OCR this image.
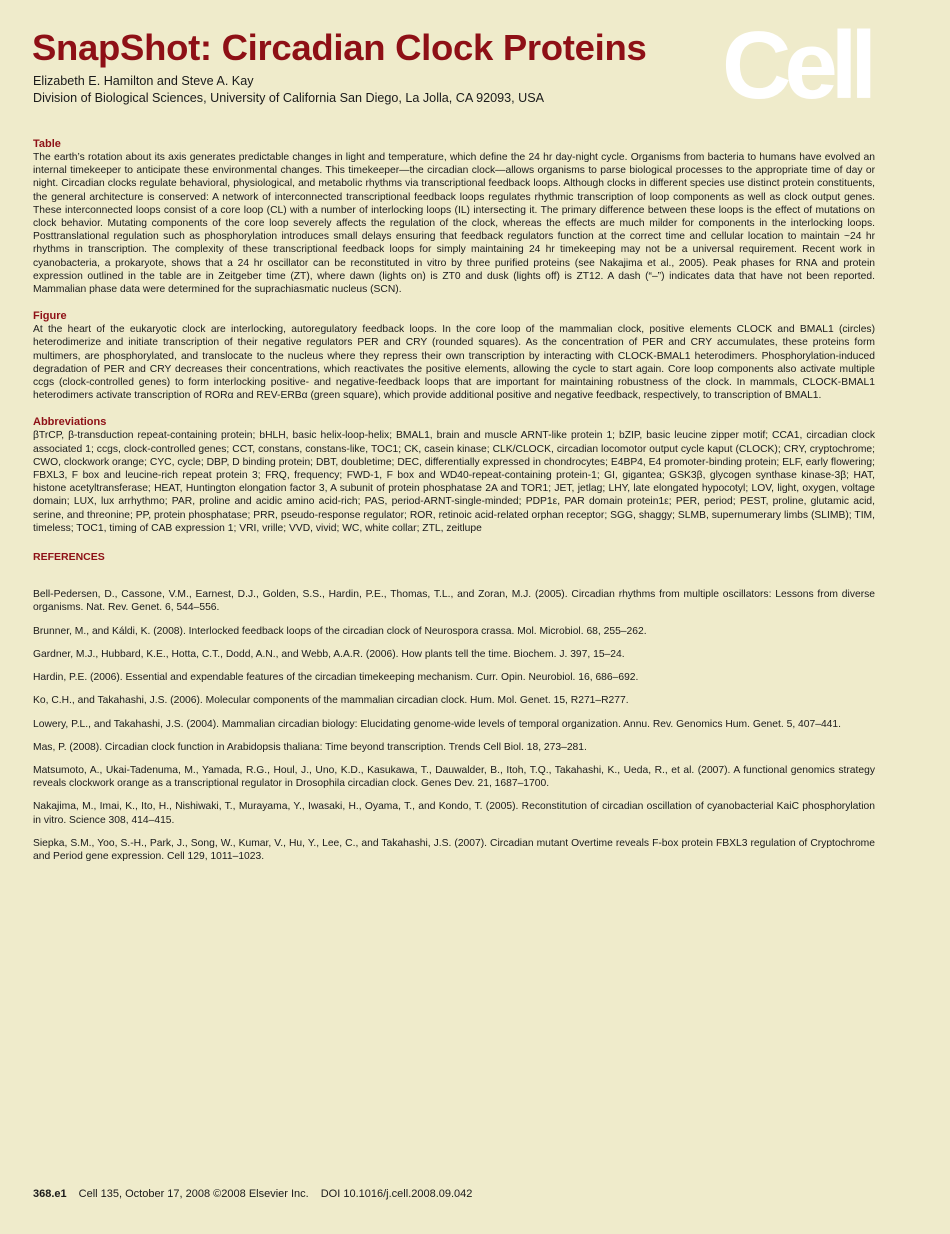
SnapShot: Circadian Clock Proteins Cell
Elizabeth E. Hamilton and Steve A. Kay
Division of Biological Sciences, University of California San Diego, La Jolla, CA 92093, USA

Table

The earth’s rotation about its axis generates predictable changes in light and temperature, which define the 24 hr day-night cycle. Organisms from bacteria to humans have evolved an internal timekeeper to anticipate these environmental changes. This timekeeper—the circadian clock—allows organisms to parse biological processes to the appropriate time of day or night. Circadian clocks regulate behavioral, physiological, and metabolic rhythms via transcriptional feedback loops. Although clocks in different species use distinct protein constituents, the general architecture is conserved: A network of interconnected transcriptional feedback loops regulates rhythmic transcription of loop components as well as clock output genes. These interconnected loops consist of a core loop (CL) with a number of interlocking loops (IL) intersecting it. The primary difference between these loops is the effect of mutations on clock behavior. Mutating components of the core loop severely affects the regulation of the clock, whereas the effects are much milder for components in the interlocking loops. Posttranslational regulation such as phosphorylation introduces small delays ensuring that feedback regulators function at the correct time and cellular location to maintain ~24 hr rhythms in transcription. The complexity of these transcriptional feedback loops for simply maintaining 24 hr timekeeping may not be a universal requirement. Recent work in cyanobacteria, a prokaryote, shows that a 24 hr oscillator can be reconstituted in vitro by three purified proteins (see Nakajima et al., 2005). Peak phases for RNA and protein expression outlined in the table are in Zeitgeber time (ZT), where dawn (lights on) is ZT0 and dusk (lights off) is ZT12. A dash (“–”) indicates data that have not been reported. Mammalian phase data were determined for the suprachiasmatic nucleus (SCN).

Figure

At the heart of the eukaryotic clock are interlocking, autoregulatory feedback loops. In the core loop of the mammalian clock, positive elements CLOCK and BMAL1 (circles) heterodimerize and initiate transcription of their negative regulators PER and CRY (rounded squares). As the concentration of PER and CRY accumulates, these proteins form multimers, are phosphorylated, and translocate to the nucleus where they repress their own transcription by interacting with CLOCK-BMAL1 heterodimers. Phosphorylation-induced degradation of PER and CRY decreases their concentrations, which reactivates the positive elements, allowing the cycle to start again. Core loop components also activate multiple ccgs (clock-controlled genes) to form interlocking positive- and negative-feedback loops that are important for maintaining robustness of the clock. In mammals, CLOCK-BMAL1 heterodimers activate transcription of RORα and REV-ERBα (green square), which provide additional positive and negative feedback, respectively, to transcription of BMAL1.

Abbreviations

βTrCP, β-transduction repeat-containing protein; bHLH, basic helix-loop-helix; BMAL1, brain and muscle ARNT-like protein 1; bZIP, basic leucine zipper motif; CCA1, circadian clock associated 1; ccgs, clock-controlled genes; CCT, constans, constans-like, TOC1; CK, casein kinase; CLK/CLOCK, circadian locomotor output cycle kaput (CLOCK); CRY, cryptochrome; CWO, clockwork orange; CYC, cycle; DBP, D binding protein; DBT, doubletime; DEC, differentially expressed in chondrocytes; E4BP4, E4 promoter-binding protein; ELF, early flowering; FBXL3, F box and leucine-rich repeat protein 3; FRQ, frequency; FWD-1, F box and WD40-repeat-containing protein-1; GI, gigantea; GSK3β, glycogen synthase kinase-3β; HAT, histone acetyltransferase; HEAT, Huntington elongation factor 3, A subunit of protein phosphatase 2A and TOR1; JET, jetlag; LHY, late elongated hypocotyl; LOV, light, oxygen, voltage domain; LUX, lux arrhythmo; PAR, proline and acidic amino acid-rich; PAS, period-ARNT-single-minded; PDP1ε, PAR domain protein1ε; PER, period; PEST, proline, glutamic acid, serine, and threonine; PP, protein phosphatase; PRR, pseudo-response regulator; ROR, retinoic acid-related orphan receptor; SGG, shaggy; SLMB, supernumerary limbs (SLIMB); TIM, timeless; TOC1, timing of CAB expression 1; VRI, vrille; VVD, vivid; WC, white collar; ZTL, zeitlupe

REFERENCES

Bell-Pedersen, D., Cassone, V.M., Earnest, D.J., Golden, S.S., Hardin, P.E., Thomas, T.L., and Zoran, M.J. (2005). Circadian rhythms from multiple oscillators: Lessons from diverse organisms. Nat. Rev. Genet. 6, 544–556.

Brunner, M., and Káldi, K. (2008). Interlocked feedback loops of the circadian clock of Neurospora crassa. Mol. Microbiol. 68, 255–262.

Gardner, M.J., Hubbard, K.E., Hotta, C.T., Dodd, A.N., and Webb, A.A.R. (2006). How plants tell the time. Biochem. J. 397, 15–24.

Hardin, P.E. (2006). Essential and expendable features of the circadian timekeeping mechanism. Curr. Opin. Neurobiol. 16, 686–692.

Ko, C.H., and Takahashi, J.S. (2006). Molecular components of the mammalian circadian clock. Hum. Mol. Genet. 15, R271–R277.

Lowery, P.L., and Takahashi, J.S. (2004). Mammalian circadian biology: Elucidating genome-wide levels of temporal organization. Annu. Rev. Genomics Hum. Genet. 5, 407–441.

Mas, P. (2008). Circadian clock function in Arabidopsis thaliana: Time beyond transcription. Trends Cell Biol. 18, 273–281.

Matsumoto, A., Ukai-Tadenuma, M., Yamada, R.G., Houl, J., Uno, K.D., Kasukawa, T., Dauwalder, B., Itoh, T.Q., Takahashi, K., Ueda, R., et al. (2007). A functional genomics strategy reveals clockwork orange as a transcriptional regulator in Drosophila circadian clock. Genes Dev. 21, 1687–1700.

Nakajima, M., Imai, K., Ito, H., Nishiwaki, T., Murayama, Y., Iwasaki, H., Oyama, T., and Kondo, T. (2005). Reconstitution of circadian oscillation of cyanobacterial KaiC phosphorylation in vitro. Science 308, 414–415.

Siepka, S.M., Yoo, S.-H., Park, J., Song, W., Kumar, V., Hu, Y., Lee, C., and Takahashi, J.S. (2007). Circadian mutant Overtime reveals F-box protein FBXL3 regulation of Cryptochrome and Period gene expression. Cell 129, 1011–1023.

368.e1 Cell 135, October 17, 2008 ©2008 Elsevier Inc. DOI 10.1016/j.cell.2008.09.042
